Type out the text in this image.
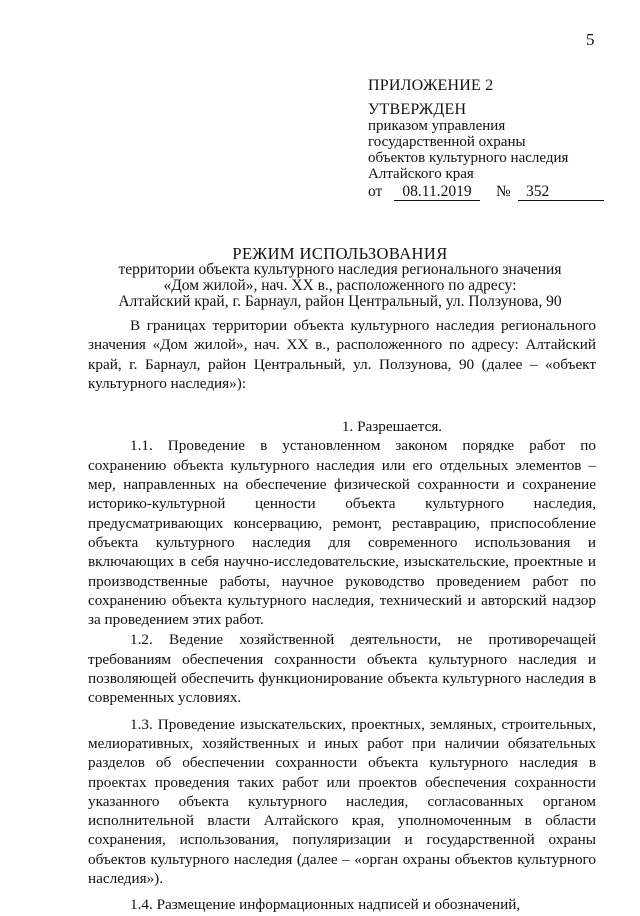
5
ПРИЛОЖЕНИЕ 2
УТВЕРЖДЕН
приказом управления
государственной охраны
объектов культурного наследия
Алтайского края
от	08.11.2019	№ 352
РЕЖИМ ИСПОЛЬЗОВАНИЯ
территории объекта культурного наследия регионального значения
«Дом жилой», нач. XX в., расположенного по адресу:
Алтайский край, г. Барнаул, район Центральный, ул. Ползунова, 90

В границах территории объекта культурного наследия регионального значения «Дом жилой», нач. XX в., расположенного по адресу: Алтайский край, г. Барнаул, район Центральный, ул. Ползунова, 90 (далее – «объект культурного наследия»):

1. Разрешается.

1.1. Проведение в установленном законом порядке работ по сохранению объекта культурного наследия или его отдельных элементов – мер, направленных на обеспечение физической сохранности и сохранение историко-культурной ценности объекта культурного наследия, предусматривающих консервацию, ремонт, реставрацию, приспособление объекта культурного наследия для современного использования и включающих в себя научно-исследовательские, изыскательские, проектные и производственные работы, научное руководство проведением работ по сохранению объекта культурного наследия, технический и авторский надзор за проведением этих работ.

1.2. Ведение хозяйственной деятельности, не противоречащей требованиям обеспечения сохранности объекта культурного наследия и позволяющей обеспечить функционирование объекта культурного наследия в современных условиях.

1.3. Проведение изыскательских, проектных, земляных, строительных, мелиоративных, хозяйственных и иных работ при наличии обязательных разделов об обеспечении сохранности объекта культурного наследия в проектах проведения таких работ или проектов обеспечения сохранности указанного объекта культурного наследия, согласованных органом исполнительной власти Алтайского края, уполномоченным в области сохранения, использования, популяризации и государственной охраны объектов культурного наследия (далее – «орган охраны объектов культурного наследия»).

1.4. Размещение информационных надписей и обозначений,
